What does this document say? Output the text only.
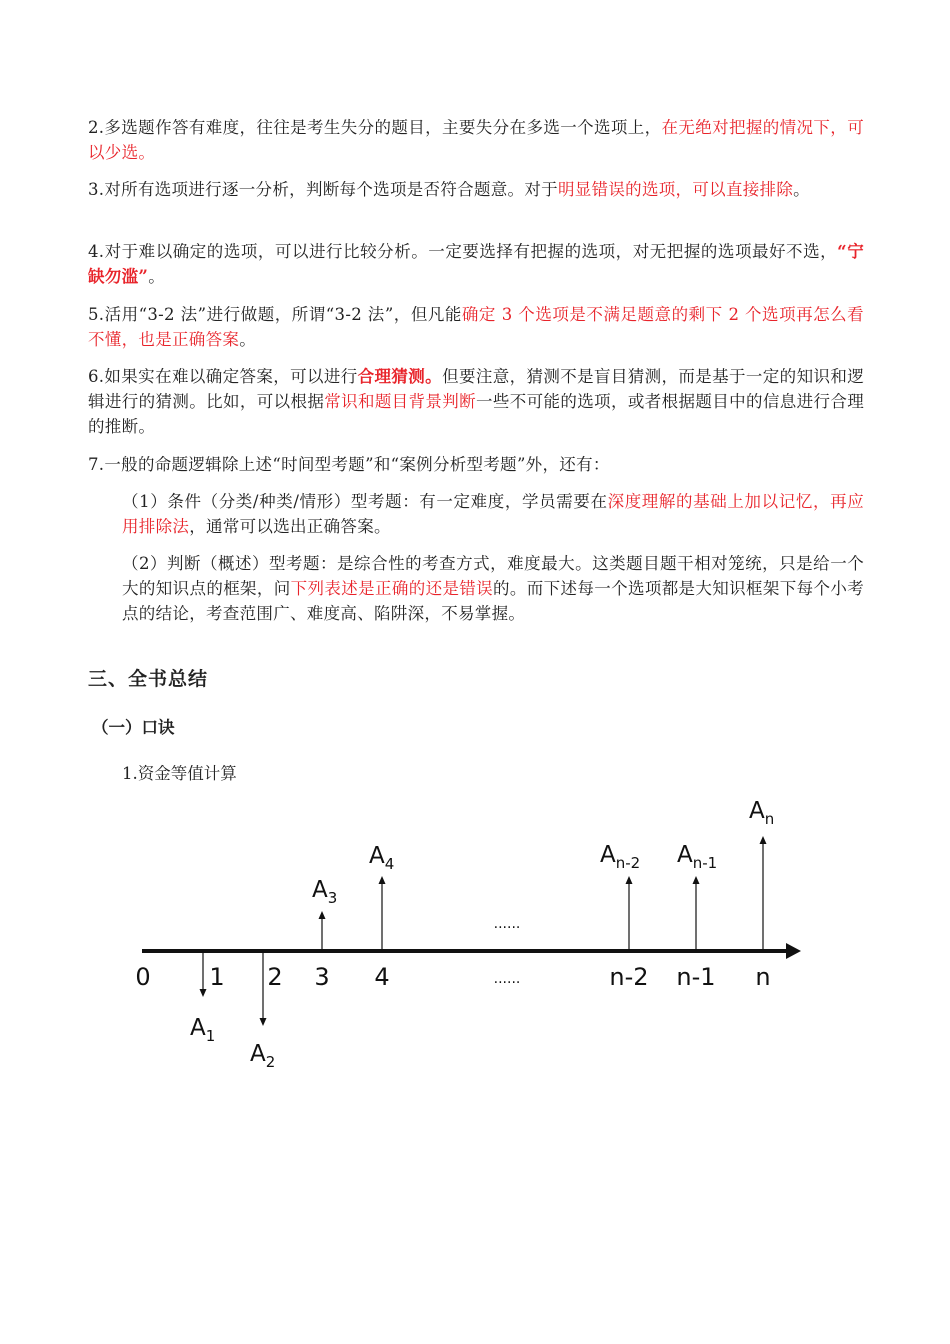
2.多选题作答有难度，往往是考生失分的题目，主要失分在多选一个选项上，在无绝对把握的情况下，可以少选。

3.对所有选项进行逐一分析，判断每个选项是否符合题意。对于明显错误的选项，可以直接排除。

4.对于难以确定的选项，可以进行比较分析。一定要选择有把握的选项，对无把握的选项最好不选，“宁缺勿滥”。

5.活用“3-2 法”进行做题，所谓“3-2 法”，但凡能确定 3 个选项是不满足题意的剩下 2 个选项再怎么看不懂，也是正确答案。

6.如果实在难以确定答案，可以进行合理猜测。但要注意，猜测不是盲目猜测，而是基于一定的知识和逻辑进行的猜测。比如，可以根据常识和题目背景判断一些不可能的选项，或者根据题目中的信息进行合理的推断。

7.一般的命题逻辑除上述“时间型考题”和“案例分析型考题”外，还有：

（1）条件（分类/种类/情形）型考题：有一定难度，学员需要在深度理解的基础上加以记忆，再应用排除法，通常可以选出正确答案。

（2）判断（概述）型考题：是综合性的考查方式，难度最大。这类题目题干相对笼统，只是给一个大的知识点的框架，问下列表述是正确的还是错误的。而下述每一个选项都是大知识框架下每个小考点的结论，考查范围广、难度高、陷阱深，不易掌握。

三、全书总结
（一）口诀

1.资金等值计算

0 1 2 3 4	n-2 n-1 n
......
......
$A_1$
$A_2$
$A_3$
$A_4$	$A_{n-2}$ $A_{n-1}$
$A_n$
